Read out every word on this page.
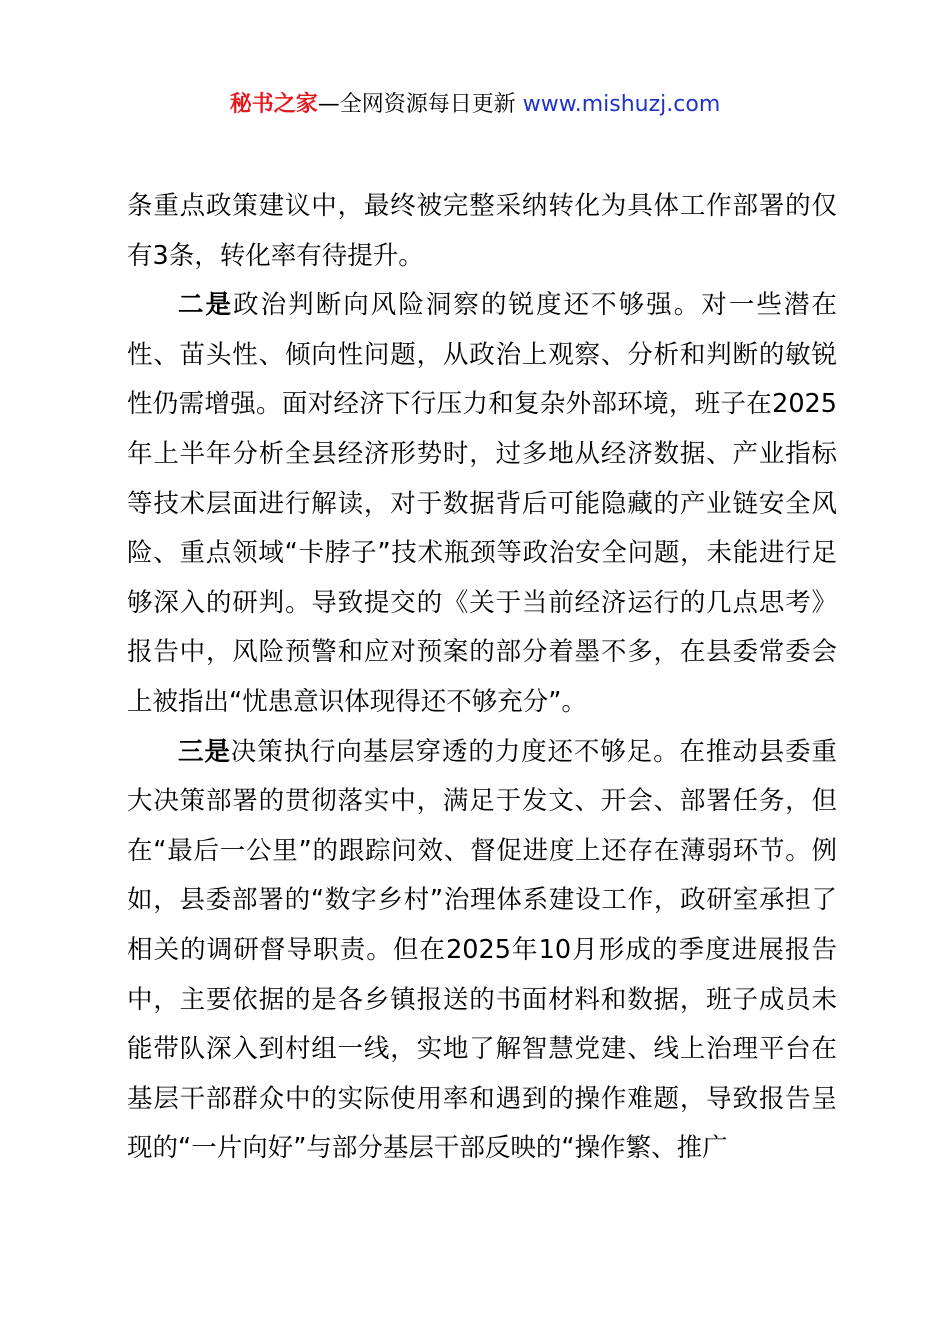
秘书之家—全网资源每日更新 www.mishuzj.com

条重点政策建议中，最终被完整采纳转化为具体工作部署的仅有3条，转化率有待提升。

二是政治判断向风险洞察的锐度还不够强。对一些潜在性、苗头性、倾向性问题，从政治上观察、分析和判断的敏锐性仍需增强。面对经济下行压力和复杂外部环境，班子在2025年上半年分析全县经济形势时，过多地从经济数据、产业指标等技术层面进行解读，对于数据背后可能隐藏的产业链安全风险、重点领域“卡脖子”技术瓶颈等政治安全问题，未能进行足够深入的研判。导致提交的《关于当前经济运行的几点思考》报告中，风险预警和应对预案的部分着墨不多，在县委常委会上被指出“忧患意识体现得还不够充分”。

三是决策执行向基层穿透的力度还不够足。在推动县委重大决策部署的贯彻落实中，满足于发文、开会、部署任务，但在“最后一公里”的跟踪问效、督促进度上还存在薄弱环节。例如，县委部署的“数字乡村”治理体系建设工作，政研室承担了相关的调研督导职责。但在2025年10月形成的季度进展报告中，主要依据的是各乡镇报送的书面材料和数据，班子成员未能带队深入到村组一线，实地了解智慧党建、线上治理平台在基层干部群众中的实际使用率和遇到的操作难题，导致报告呈现的“一片向好”与部分基层干部反映的“操作繁、推广
